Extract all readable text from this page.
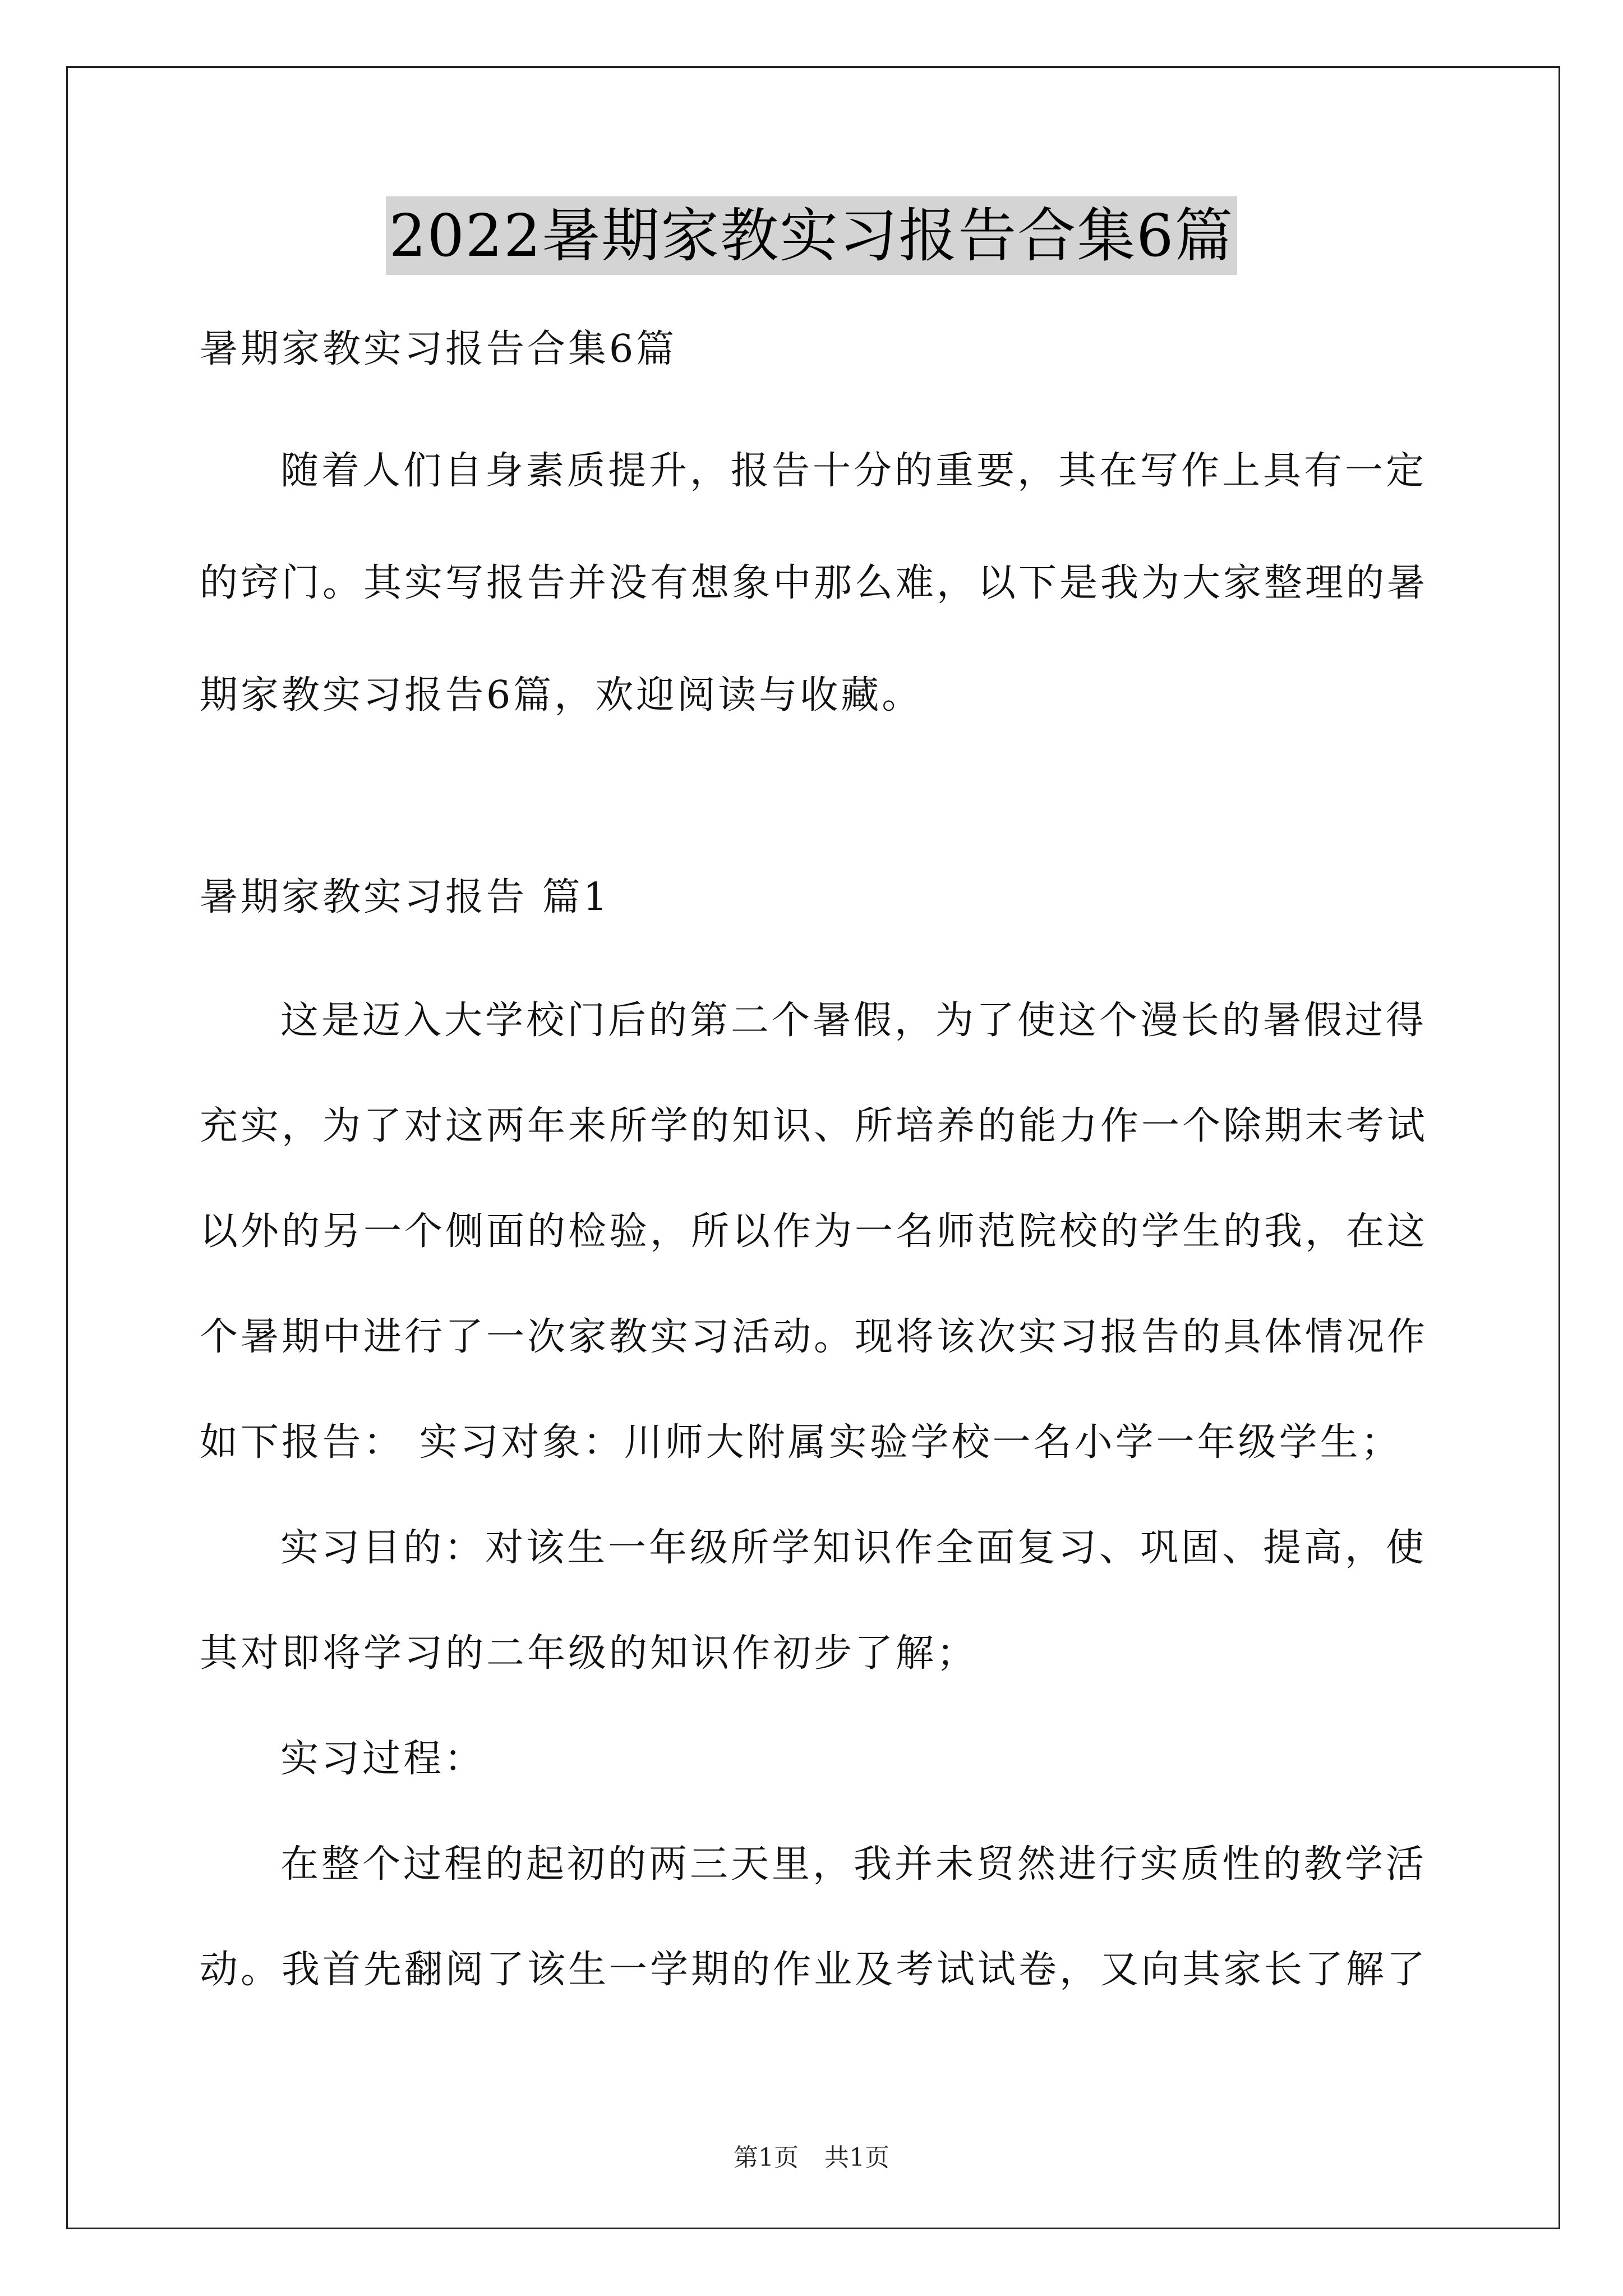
2022暑期家教实习报告合集6篇
暑期家教实习报告合集6篇
随着人们自身素质提升，报告十分的重要，其在写作上具有一定
的窍门。其实写报告并没有想象中那么难，以下是我为大家整理的暑
期家教实习报告6篇，欢迎阅读与收藏。
暑期家教实习报告 篇1
这是迈入大学校门后的第二个暑假，为了使这个漫长的暑假过得
充实，为了对这两年来所学的知识、所培养的能力作一个除期末考试
以外的另一个侧面的检验，所以作为一名师范院校的学生的我，在这
个暑期中进行了一次家教实习活动。现将该次实习报告的具体情况作
如下报告： 实习对象：川师大附属实验学校一名小学一年级学生；
实习目的：对该生一年级所学知识作全面复习、巩固、提高，使
其对即将学习的二年级的知识作初步了解；
实习过程：
在整个过程的起初的两三天里，我并未贸然进行实质性的教学活
动。我首先翻阅了该生一学期的作业及考试试卷，又向其家长了解了
第1页 共1页
